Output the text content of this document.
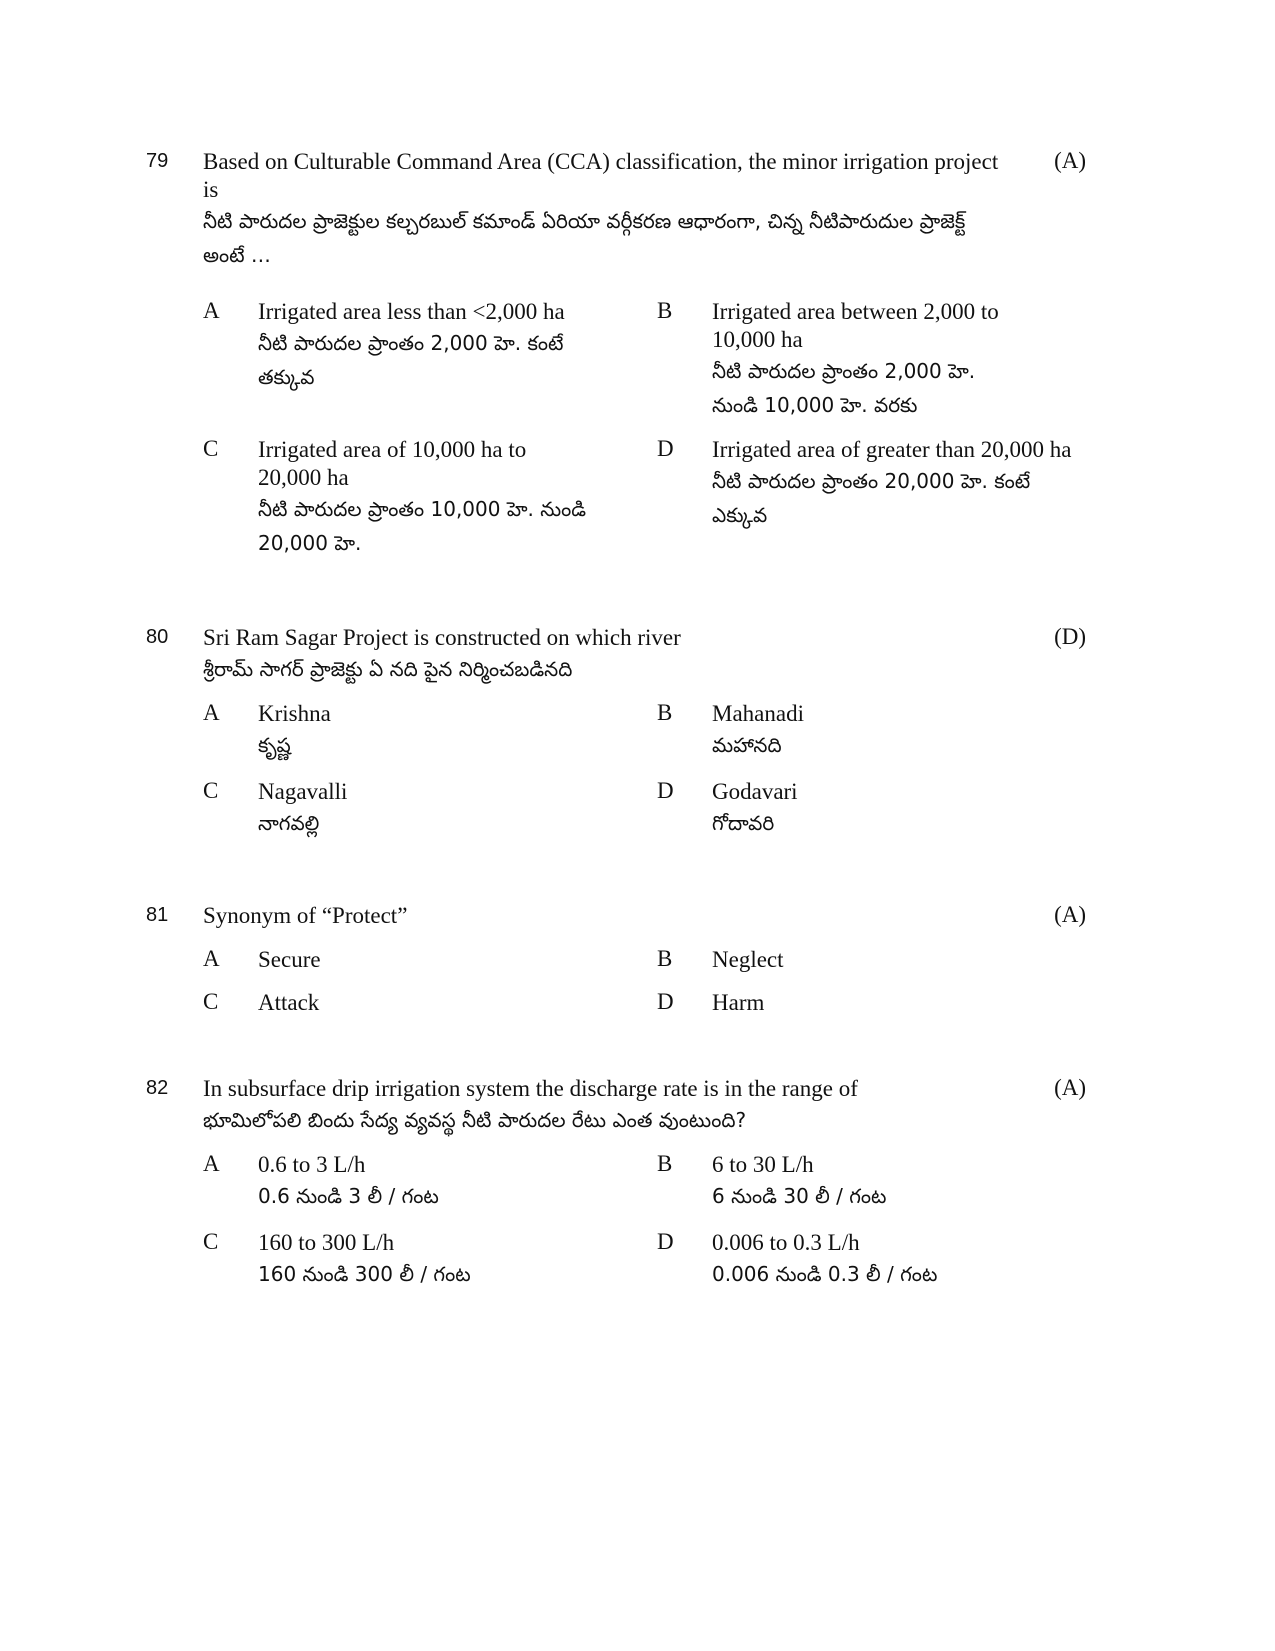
79	(A)
Based on Culturable Command Area (CCA) classification, the minor irrigation project is
నీటి పారుదల ప్రాజెక్టుల కల్చరబుల్ కమాండ్ ఏరియా వర్గీకరణ ఆధారంగా, చిన్న నీటిపారుదుల ప్రాజెక్ట్ అంటే …
A Irrigated area less than <2,000 ha
నీటి పారుదల ప్రాంతం 2,000 హె. కంటే తక్కువ
B Irrigated area between 2,000 to 10,000 ha
నీటి పారుదల ప్రాంతం 2,000 హె. నుండి 10,000 హె. వరకు
C Irrigated area of 10,000 ha to 20,000 ha
నీటి పారుదల ప్రాంతం 10,000 హె. నుండి 20,000 హె.
D Irrigated area of greater than 20,000 ha
నీటి పారుదల ప్రాంతం 20,000 హె. కంటే ఎక్కువ
80	(D)
Sri Ram Sagar Project is constructed on which river
శ్రీరామ్ సాగర్ ప్రాజెక్టు ఏ నది పైన నిర్మించబడినది
A Krishna
కృష్ణ
B Mahanadi
మహానది
C Nagavalli
నాగవల్లి
D Godavari
గోదావరి
81	(A)
Synonym of “Protect”
A Secure	B Neglect
C Attack	D Harm
82	(A)
In subsurface drip irrigation system the discharge rate is in the range of
భూమిలోపలి బిందు సేద్య వ్యవస్థ నీటి పారుదల రేటు ఎంత వుంటుంది?
A 0.6 to 3 L/h
0.6 నుండి 3 లీ / గంట
B 6 to 30 L/h
6 నుండి 30 లీ / గంట
C 160 to 300 L/h
160 నుండి 300 లీ / గంట
D 0.006 to 0.3 L/h
0.006 నుండి 0.3 లీ / గంట
